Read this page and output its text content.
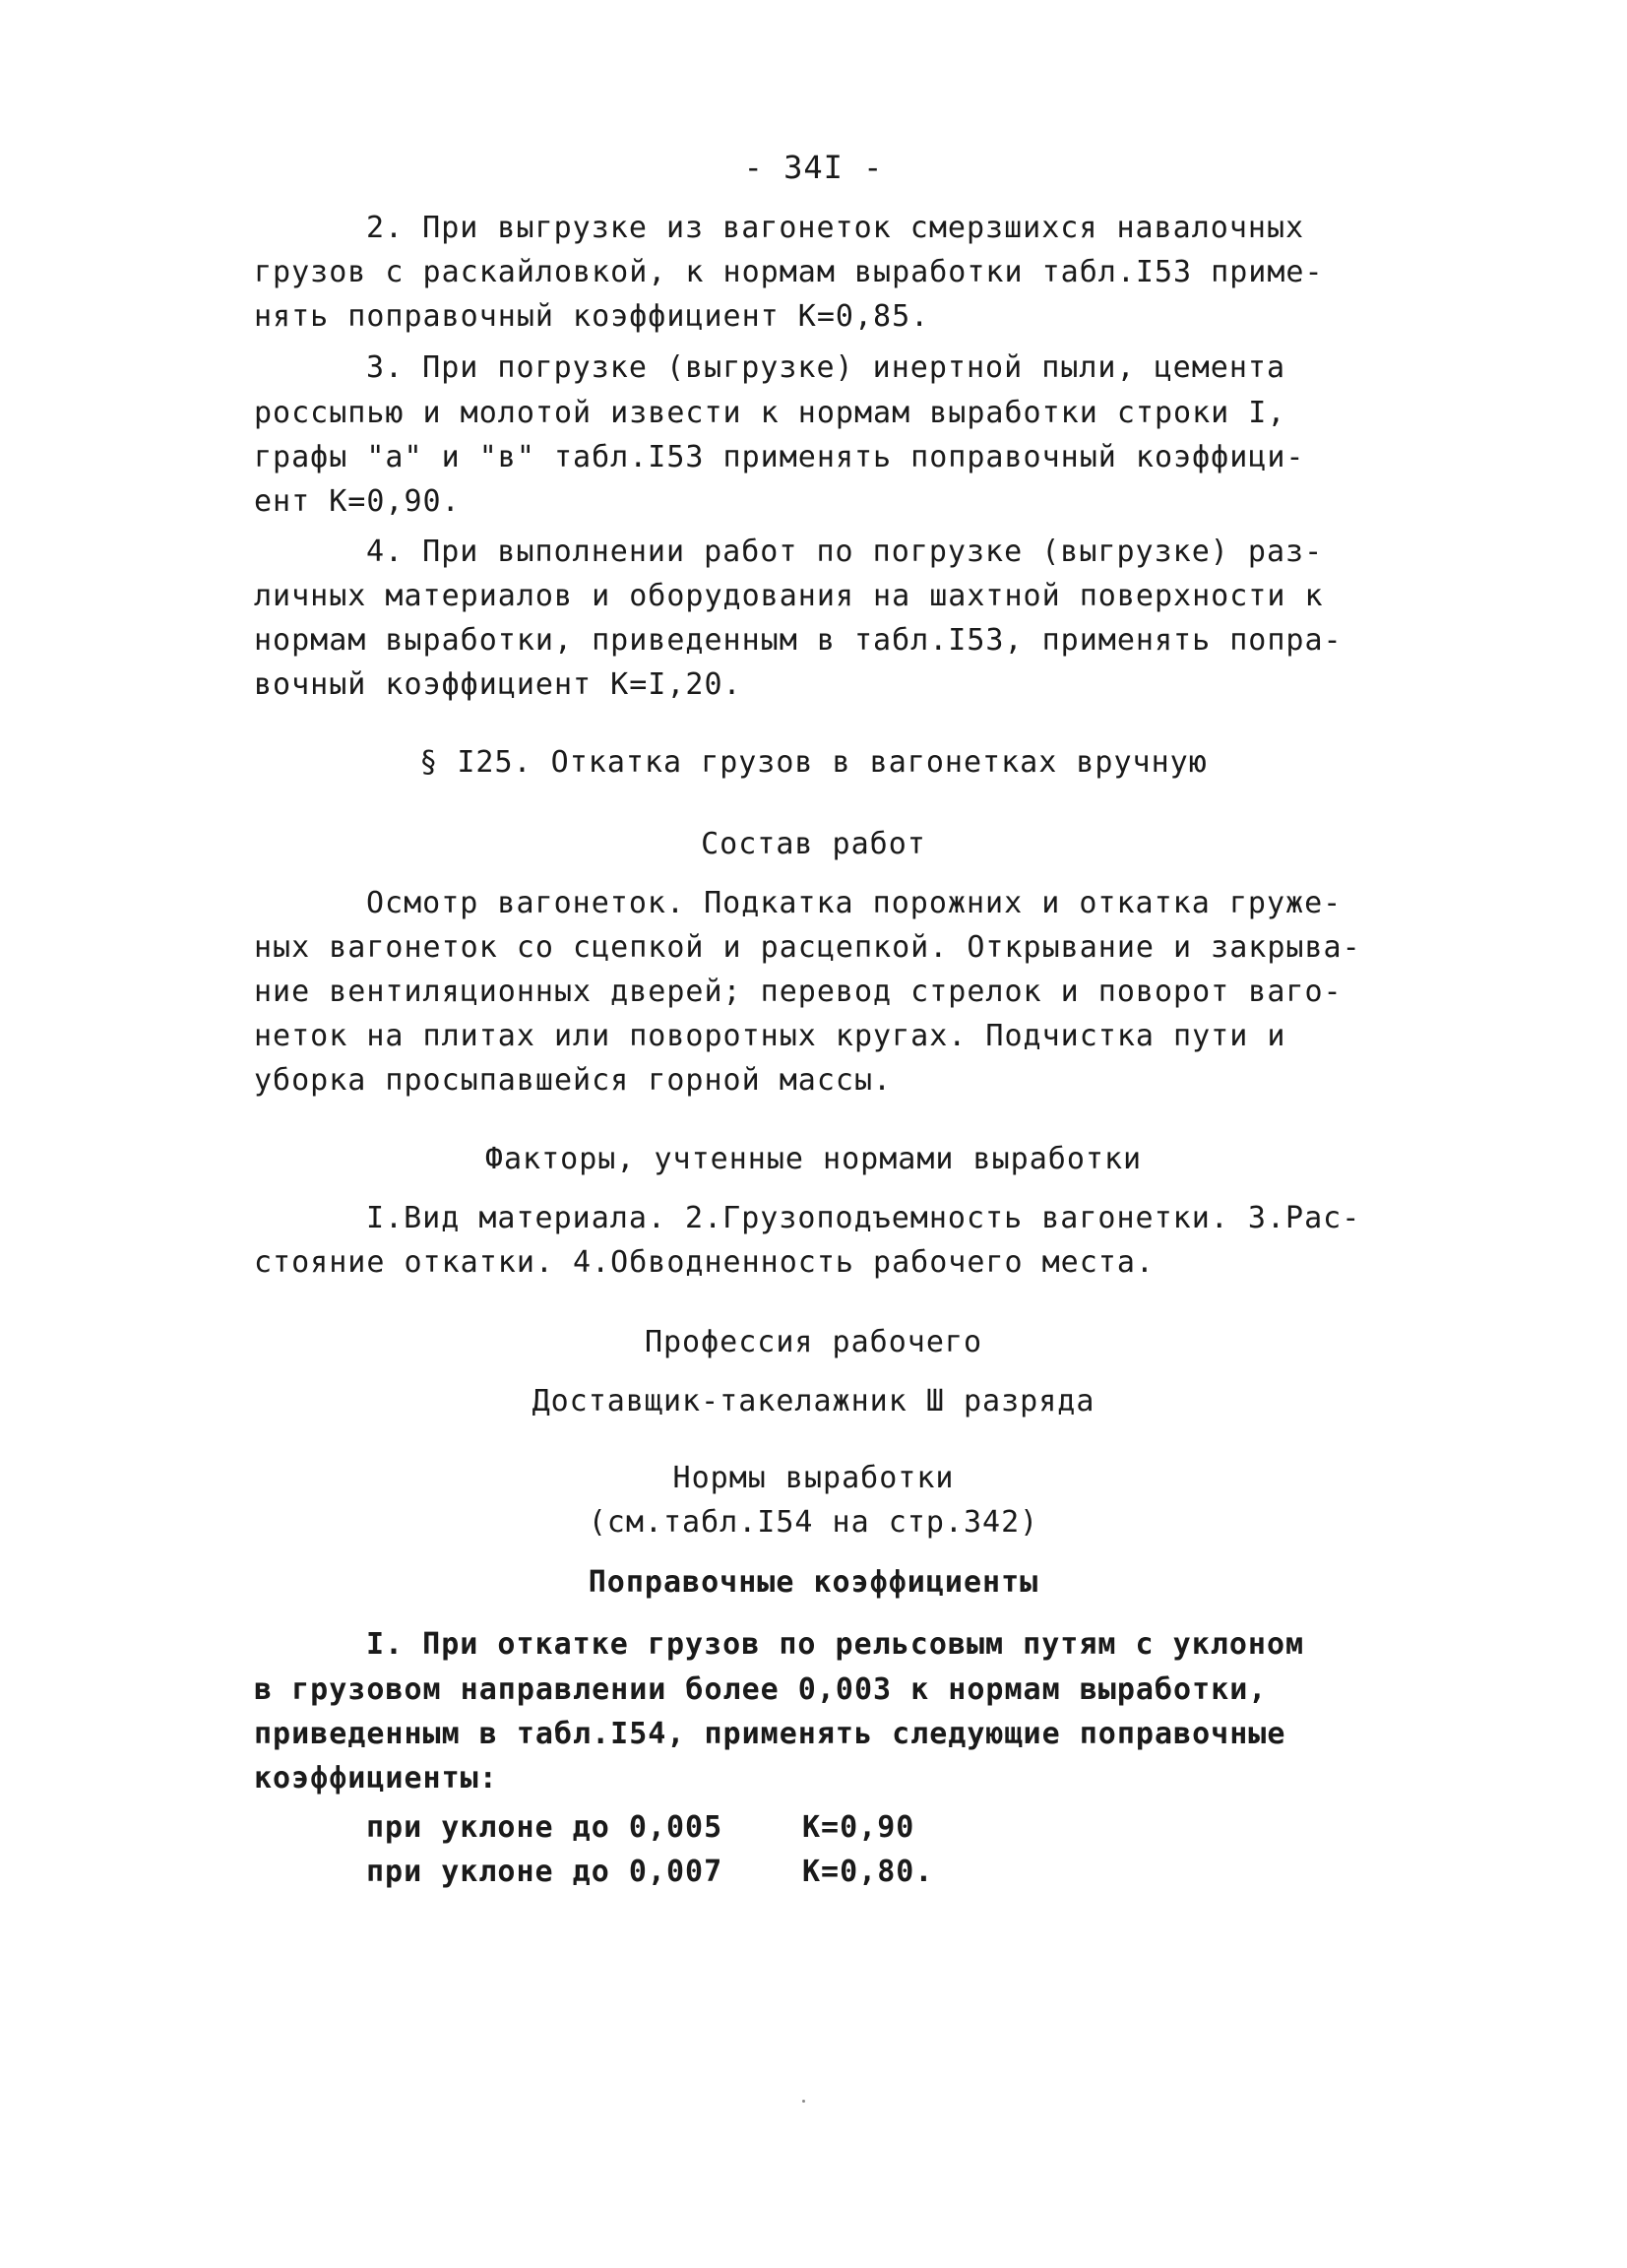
- 34I -
2. При выгрузке из вагонеток смерзшихся навалочных
грузов с раскайловкой, к нормам выработки табл.I53 приме-
нять поправочный коэффициент К=0,85.
3. При погрузке (выгрузке) инертной пыли, цемента
россыпью и молотой извести к нормам выработки строки I,
графы "а" и "в" табл.I53 применять поправочный коэффици-
ент К=0,90.
4. При выполнении работ по погрузке (выгрузке) раз-
личных материалов и оборудования на шахтной поверхности к
нормам выработки, приведенным в табл.I53, применять попра-
вочный коэффициент К=I,20.
§ I25. Откатка грузов в вагонетках вручную
Состав работ
Осмотр вагонеток. Подкатка порожних и откатка груже-
ных вагонеток со сцепкой и расцепкой. Открывание и закрыва-
ние вентиляционных дверей; перевод стрелок и поворот ваго-
неток на плитах или поворотных кругах. Подчистка пути и
уборка просыпавшейся горной массы.
Факторы, учтенные нормами выработки
I.Вид материала. 2.Грузоподъемность вагонетки. 3.Рас-
стояние откатки. 4.Обводненность рабочего места.
Профессия рабочего
Доставщик-такелажник Ш разряда
Нормы выработки
(см.табл.I54 на стр.342)
Поправочные коэффициенты
I. При откатке грузов по рельсовым путям с уклоном
в грузовом направлении более 0,003 к нормам выработки,
приведенным в табл.I54, применять следующие поправочные
коэффициенты:
при уклоне до 0,005	К=0,90
при уклоне до 0,007	К=0,80.
